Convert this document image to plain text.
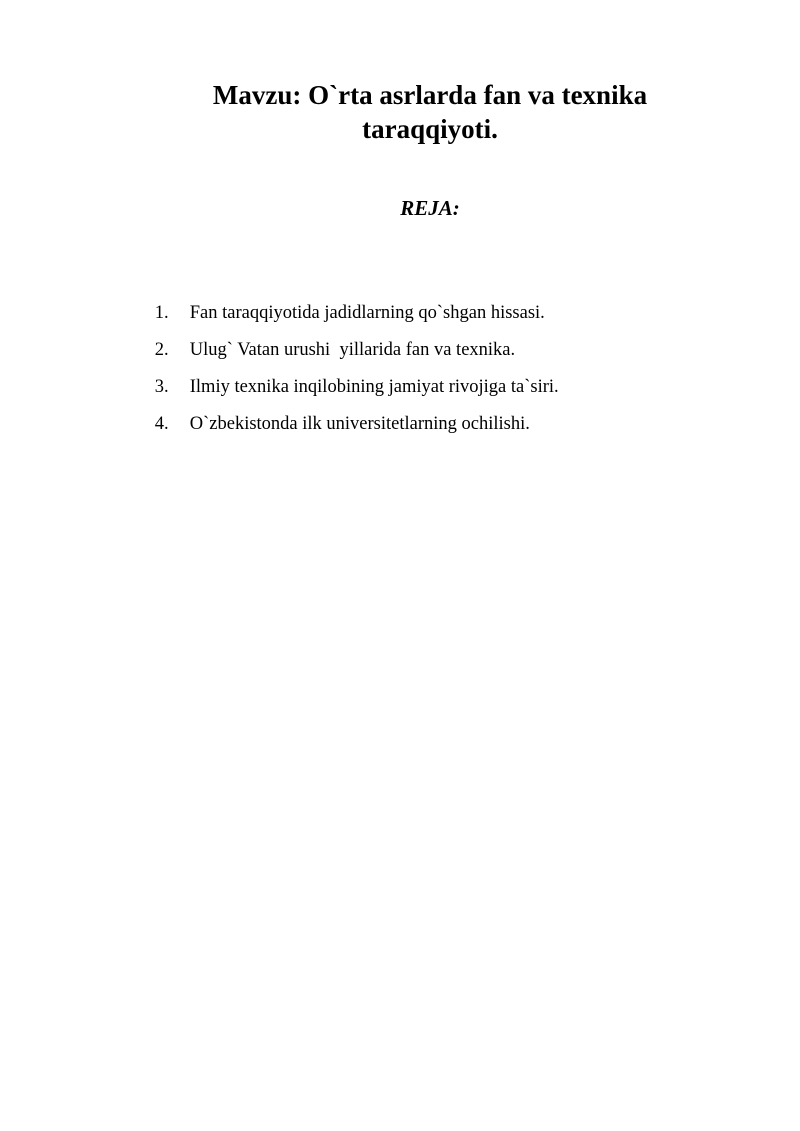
Mavzu: O`rta asrlarda fan va texnika taraqqiyoti.
REJA:

1. Fan taraqqiyotida jadidlarning qo`shgan hissasi.

2. Ulug` Vatan urushi  yillarida fan va texnika.

3. Ilmiy texnika inqilobining jamiyat rivojiga ta`siri.

4. O`zbekistonda ilk universitetlarning ochilishi.
